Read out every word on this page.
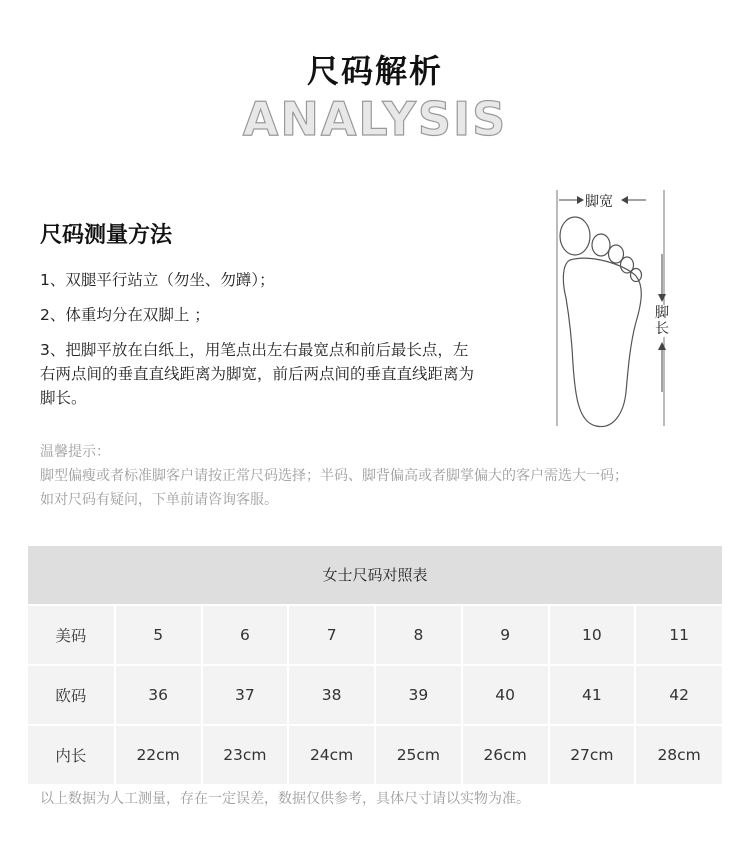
尺码解析
ANALYSIS
尺码测量方法
1、双腿平行站立（勿坐、勿蹲）；
2、体重均分在双脚上 ；
3、把脚平放在白纸上，用笔点出左右最宽点和前后最长点，左右两点间的垂直直线距离为脚宽，前后两点间的垂直直线距离为脚长。
脚宽
脚长
温馨提示：
脚型偏瘦或者标准脚客户请按正常尺码选择；半码、脚背偏高或者脚掌偏大的客户需选大一码；
如对尺码有疑问，下单前请咨询客服。
女士尺码对照表
美码	5	6	7	8	9	10	11
欧码	36	37	38	39	40	41	42
内长	22cm	23cm	24cm	25cm	26cm	27cm	28cm
以上数据为人工测量，存在一定误差，数据仅供参考，具体尺寸请以实物为准。
